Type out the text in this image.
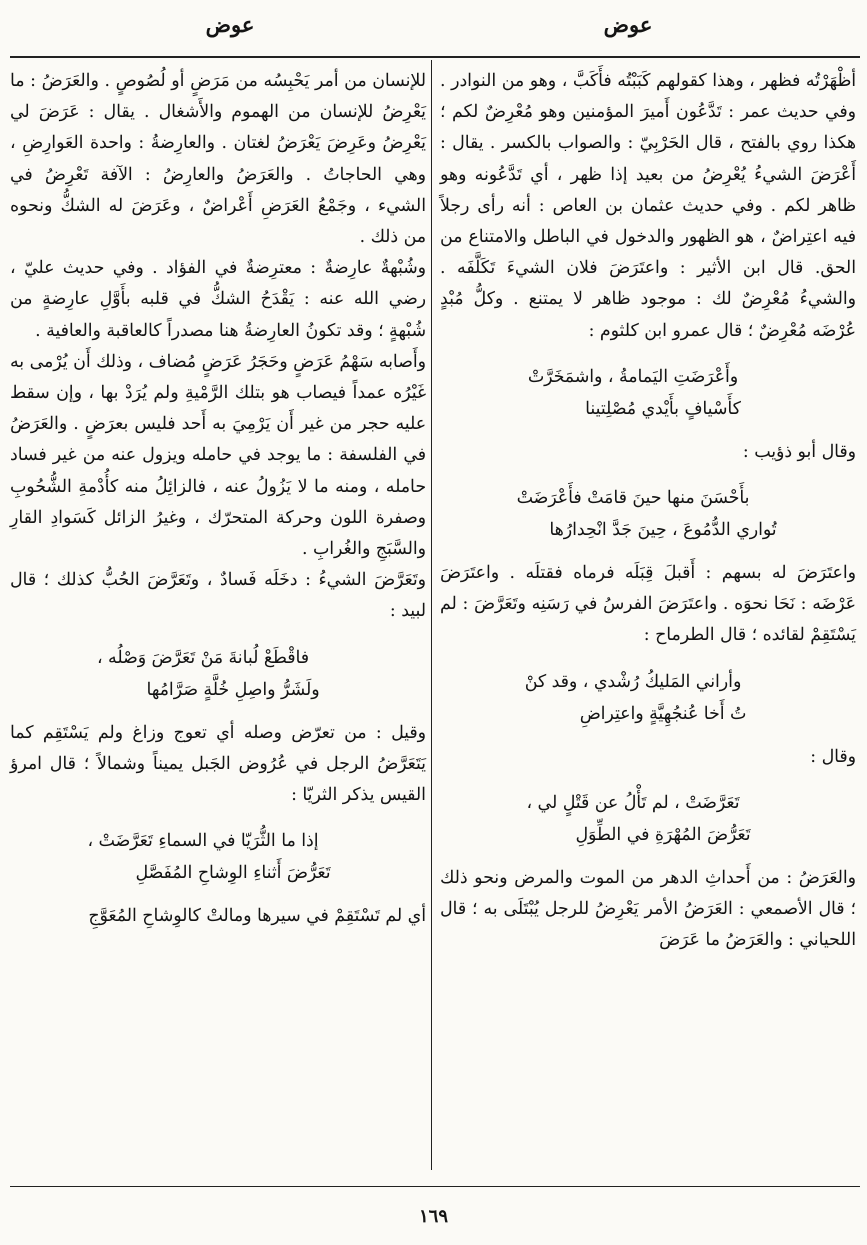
عوض
عوض

أظْهَرْتُه فظهر ، وهذا كقولهم كَبَبْتُه فأَكَبَّ ، وهو من النوادر . وفي حديث عمر : تَدَّعُون أَميرَ المؤمنين وهو مُعْرِضٌ لكم ؛ هكذا روي بالفتح ، قال الحَرْبِيّ : والصواب بالكسر . يقال : أَعْرَضَ الشيءُ يُعْرِضُ من بعيد إذا ظهر ، أي تَدَّعُونه وهو ظاهر لكم . وفي حديث عثمان بن العاص : أنه رأى رجلاً فيه اعتِراضٌ ، هو الظهور والدخول في الباطل والامتناع من الحق. قال ابن الأثير : واعتَرَضَ فلان الشيءَ تَكَلَّفَه . والشيءُ مُعْرِضٌ لك : موجود ظاهر لا يمتنع . وكلُّ مُبْدٍ عُرْضَه مُعْرِضٌ ؛ قال عمرو ابن كلثوم :

وأَعْرَضَتِ اليَمامةُ ، واشمَخَرَّتْ
كأَسْيافٍ بأَيْدي مُصْلِتينا

وقال أبو ذؤيب :

بأَحْسَنَ منها حينَ قامَتْ فأَعْرَضَتْ
تُواري الدُّمُوعَ ، حِينَ جَدَّ انْحِدارُها

واعتَرَضَ له بسهم : أَقبلَ قِبَلَه فرماه فقتلَه . واعتَرَضَ عَرْضَه : نَحَا نحوَه . واعتَرَضَ الفرسُ في رَسَنِه وتَعَرَّضَ : لم يَسْتَقِمْ لقائده ؛ قال الطرماح :

وأراني المَليكُ رُشْدي ، وقد كنْ
تُ أَخا عُنجُهِيَّةٍ واعتِراضِ

وقال :

تَعَرَّضَتْ ، لم تَأْلُ عن قَتْلٍ لي ،
تَعَرُّضَ المُهْرَةِ في الطِّوَلِ

والعَرَضُ : من أَحداثِ الدهر من الموت والمرض ونحو ذلك ؛ قال الأصمعي : العَرَضُ الأمر يَعْرِضُ للرجل يُبْتَلَى به ؛ قال اللحياني : والعَرَضُ ما عَرَضَ

للإنسان من أمر يَحْبِسُه من مَرَضٍ أو لُصُوصٍ . والعَرَضُ : ما يَعْرِضُ للإنسان من الهموم والأَشغال . يقال : عَرَضَ لي يَعْرِضُ وعَرِضَ يَعْرَضُ لغتان . والعارِضةُ : واحدة العَوارِضِ ، وهي الحاجاتُ . والعَرَضُ والعارِضُ : الآفة تَعْرِضُ في الشيء ، وجَمْعُ العَرَضِ أَعْراضٌ ، وعَرَضَ له الشكُّ ونحوه من ذلك .

وشُبْهةٌ عارِضةٌ : معترِضةٌ في الفؤاد . وفي حديث عليّ ، رضي الله عنه : يَقْدَحُ الشكُّ في قلبه بأَوَّلِ عارِضةٍ من شُبْهةٍ ؛ وقد تكونُ العارِضةُ هنا مصدراً كالعاقبة والعافية .

وأَصابه سَهْمُ عَرَضٍ وحَجَرُ عَرَضٍ مُضاف ، وذلك أَن يُرْمى به غَيْرُه عمداً فيصاب هو بتلك الرَّمْيةِ ولم يُرَدْ بها ، وإن سقط عليه حجر من غير أَن يَرْمِيَ به أَحد فليس بعرَضٍ . والعَرَضُ في الفلسفة : ما يوجد في حامله ويزول عنه من غير فساد حامله ، ومنه ما لا يَزُولُ عنه ، فالزائِلُ منه كأُدْمةِ الشُّحُوبِ وصفرة اللون وحركة المتحرّك ، وغيرُ الزائل كَسَوادِ القارِ والسَّبَجِ والغُرابِ .

وتَعَرَّضَ الشيءُ : دخَلَه فَسادٌ ، وتَعَرَّضَ الحُبُّ كذلك ؛ قال لبيد :

فاقْطَعْ لُبانةَ مَنْ تَعَرَّضَ وَصْلُه ،
ولَشَرُّ واصِلِ خُلَّةٍ صَرَّامُها

وقيل : من تعرّض وصله أي تعوج وزاغ ولم يَسْتَقِم كما يَتَعَرَّضُ الرجل في عُرُوض الجَبل يميناً وشمالاً ؛ قال امرؤ القيس يذكر الثريّا :

إذا ما الثُّرَيّا في السماءِ تَعَرَّضَتْ ،
تَعَرُّضَ أَثناءِ الوِشاحِ المُفَصَّلِ

أي لم تَسْتَقِمْ في سيرها ومالتْ كالوِشاحِ المُعَوَّجِ

١٦٩
